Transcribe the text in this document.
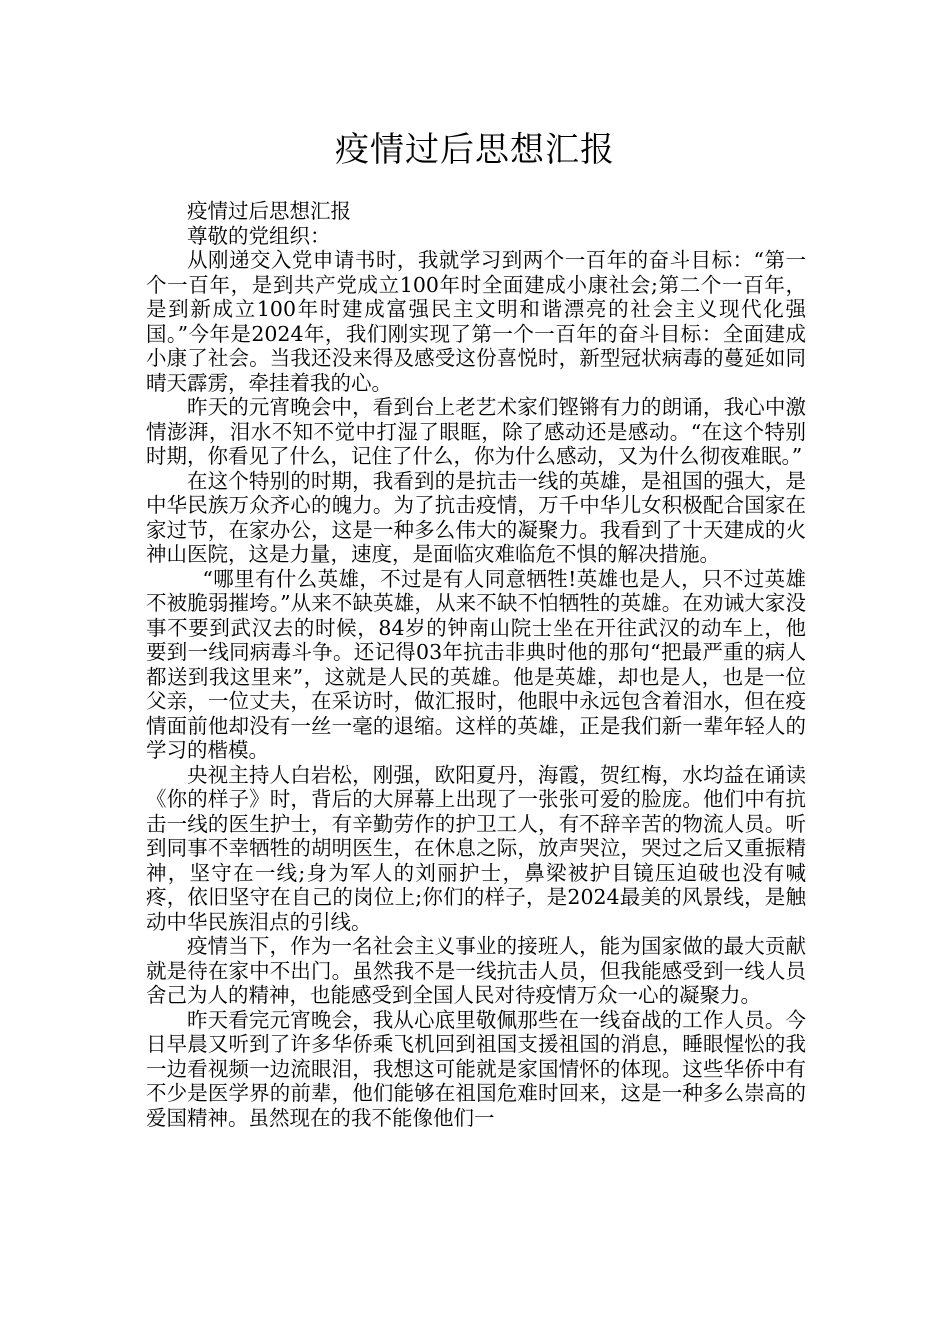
疫情过后思想汇报

疫情过后思想汇报

尊敬的党组织：

从刚递交入党申请书时，我就学习到两个一百年的奋斗目标：“第一个一百年，是到共产党成立100年时全面建成小康社会;第二个一百年，是到新成立100年时建成富强民主文明和谐漂亮的社会主义现代化强国。”今年是2024年，我们刚实现了第一个一百年的奋斗目标：全面建成小康了社会。当我还没来得及感受这份喜悦时，新型冠状病毒的蔓延如同晴天霹雳，牵挂着我的心。

昨天的元宵晚会中，看到台上老艺术家们铿锵有力的朗诵，我心中激情澎湃，泪水不知不觉中打湿了眼眶，除了感动还是感动。“在这个特别时期，你看见了什么，记住了什么，你为什么感动，又为什么彻夜难眠。”

在这个特别的时期，我看到的是抗击一线的英雄，是祖国的强大，是中华民族万众齐心的魄力。为了抗击疫情，万千中华儿女积极配合国家在家过节，在家办公，这是一种多么伟大的凝聚力。我看到了十天建成的火神山医院，这是力量，速度，是面临灾难临危不惧的解决措施。

“哪里有什么英雄，不过是有人同意牺牲!英雄也是人，只不过英雄不被脆弱摧垮。”从来不缺英雄，从来不缺不怕牺牲的英雄。在劝诫大家没事不要到武汉去的时候，84岁的钟南山院士坐在开往武汉的动车上，他要到一线同病毒斗争。还记得03年抗击非典时他的那句“把最严重的病人都送到我这里来”，这就是人民的英雄。他是英雄，却也是人，也是一位父亲，一位丈夫，在采访时，做汇报时，他眼中永远包含着泪水，但在疫情面前他却没有一丝一毫的退缩。这样的英雄，正是我们新一辈年轻人的学习的楷模。

央视主持人白岩松，刚强，欧阳夏丹，海霞，贺红梅，水均益在诵读《你的样子》时，背后的大屏幕上出现了一张张可爱的脸庞。他们中有抗击一线的医生护士，有辛勤劳作的护卫工人，有不辞辛苦的物流人员。听到同事不幸牺牲的胡明医生，在休息之际，放声哭泣，哭过之后又重振精神，坚守在一线;身为军人的刘丽护士，鼻梁被护目镜压迫破也没有喊疼，依旧坚守在自己的岗位上;你们的样子，是2024最美的风景线，是触动中华民族泪点的引线。

疫情当下，作为一名社会主义事业的接班人，能为国家做的最大贡献就是待在家中不出门。虽然我不是一线抗击人员，但我能感受到一线人员舍己为人的精神，也能感受到全国人民对待疫情万众一心的凝聚力。

昨天看完元宵晚会，我从心底里敬佩那些在一线奋战的工作人员。今日早晨又听到了许多华侨乘飞机回到祖国支援祖国的消息，睡眼惺忪的我一边看视频一边流眼泪，我想这可能就是家国情怀的体现。这些华侨中有不少是医学界的前辈，他们能够在祖国危难时回来，这是一种多么崇高的爱国精神。虽然现在的我不能像他们一
